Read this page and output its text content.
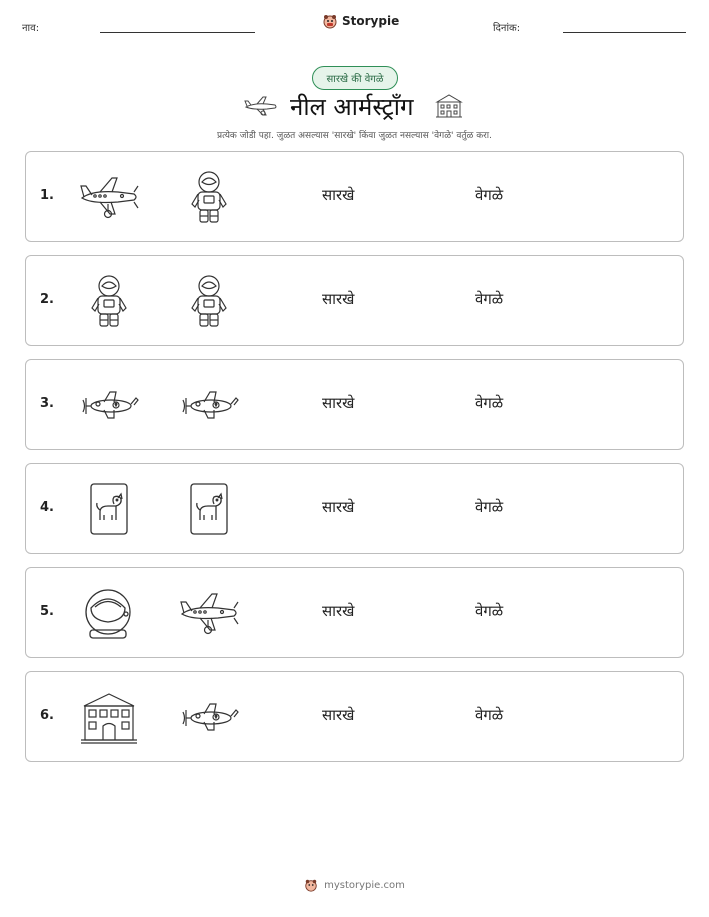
नाव:
Storypie
दिनांक:
सारखे की वेगळे
नील आर्मस्ट्राँग
प्रत्येक जोडी पहा. जुळत असल्यास 'सारखे' किंवा जुळत नसल्यास 'वेगळे' वर्तुळ करा.
1.	सारखे	वेगळे
2.	सारखे	वेगळे
3.	सारखे	वेगळे
4.	सारखे	वेगळे
5.	सारखे	वेगळे
6.	सारखे	वेगळे
mystorypie.com
